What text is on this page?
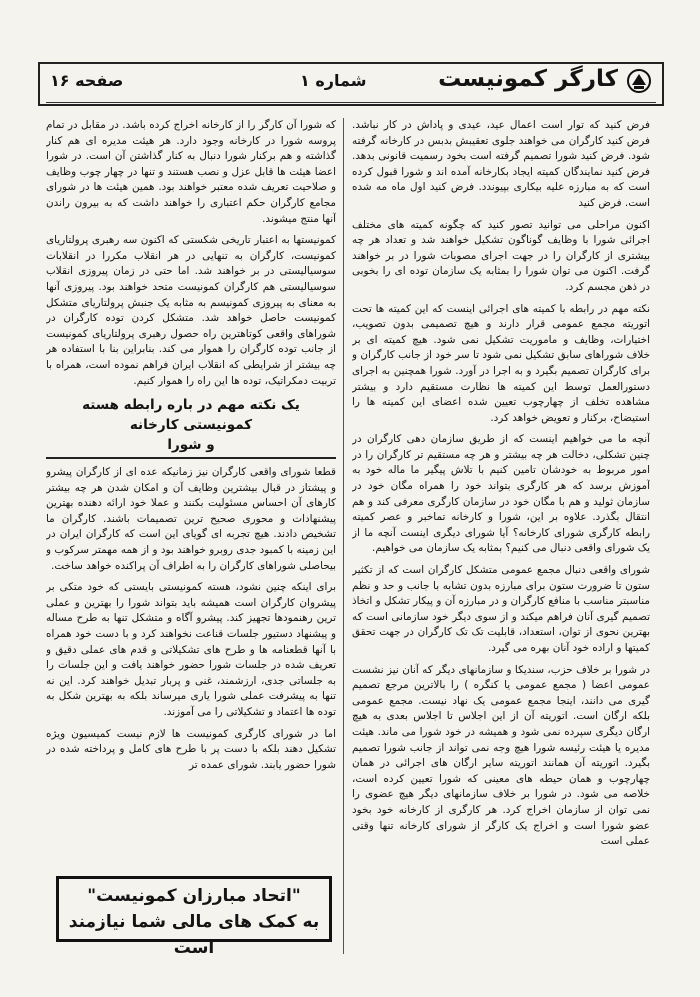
کارگر کمونیست
شماره ۱
صفحه ۱۶

فرض کنید که توار است اعمال عید، عیدی و پاداش در کار نباشد. فرض کنید کارگران می خواهند جلوی تعقیبش بدبس در کارخانه گرفته شود. فرض کنید شورا تصمیم گرفته است بخود رسمیت قانونی بدهد. فرض کنید نمایندگان کمیته ایجاد بکارخانه آمده اند و شورا قبول کرده است که به مبارزه علیه بیکاری بپیوندد. فرض کنید اول ماه مه شده است. فرض کنید

اکنون مراحلی می توانید تصور کنید که چگونه کمیته های مختلف اجرائی شورا با وظایف گوناگون تشکیل خواهند شد و تعداد هر چه بیشتری از کارگران را در جهت اجرای مصوبات شورا در بر خواهند گرفت. اکنون می توان شورا را بمثابه یک سازمان توده ای را بخوبی در ذهن مجسم کرد.

نکته مهم در رابطه با کمیته های اجرائی اینست که این کمیته ها تحت اتوریته مجمع عمومی قرار دارند و هیچ تصمیمی بدون تصویب، اختیارات، وظایف و ماموریت تشکیل نمی شود. هیچ کمیته ای بر خلاف شوراهای سابق تشکیل نمی شود تا سر خود از جانب کارگران و برای کارگران تصمیم بگیرد و به اجرا در آورد. شورا همچنین به اجرای دستورالعمل توسط این کمیته ها نظارت مستقیم دارد و بیشتر مشاهده تخلف از چهارچوب تعیین شده اعضای این کمیته ها را استیضاح، برکنار و تعویض خواهد کرد.

آنچه ما می خواهیم اینست که از طریق سازمان دهی کارگران در چنین تشکلی، دخالت هر چه بیشتر و هر چه مستقیم تر کارگران را در امور مربوط به خودشان تامین کنیم با تلاش پیگیر ما ماله خود به آموزش برسد که هر کارگری بتواند خود را همراه مگان خود در سازمان ثولید و هم با مگان خود در سازمان کارگری معرفی کند و هم انتقال بگذرد. علاوه بر این، شورا و کارخانه تماخبر و عصر کمیته رابطه کارگری شورای کارخانه؟ آیا شورای دیگری اینست آنچه ما از یک شورای واقعی دنبال می کنیم؟ بمثابه یک سازمان می خواهیم.

شورای واقعی دنبال مجمع عمومی متشکل کارگران است که از تکثیر ستون تا ضرورت ستون برای مبارزه بدون تشابه با جانب و حد و نظم مناسبتر مناسب با منافع کارگران و در مبارزه آن و پیکار تشکل و اتخاذ تصمیم گیری آنان فراهم میکند و از سوی دیگر خود سازمانی است که بهترین نحوی از توان، استعداد، قابلیت تک تک کارگران در جهت تحقق کمیتها و اراده خود آنان بهره می گیرد.

در شورا بر خلاف حزب، سندیکا و سازمانهای دیگر که آنان نیز نشست عمومی اعضا ( مجمع عمومی یا کنگره ) را بالاترین مرجع تصمیم گیری می دانند، اینجا مجمع عمومی یک نهاد نیست. مجمع عمومی بلکه ارگان است. اتوریته آن از این اجلاس تا اجلاس بعدی به هیچ ارگان دیگری سپرده نمی شود و همیشه در خود شورا می ماند. هیئت مدیره یا هیئت رئیسه شورا هیچ وجه نمی تواند از جانب شورا تصمیم بگیرد. اتوریته آن همانند اتوریته سایر ارگان های اجرائی در همان چهارچوب و همان حیطه های معینی که شورا تعیین کرده است، خلاصه می شود. در شورا بر خلاف سازمانهای دیگر هیچ عضوی را نمی توان از سازمان اخراج کرد. هر کارگری از کارخانه خود بخود عضو شورا است و اخراج یک کارگر از شورای کارخانه تنها وقتی عملی است

که شورا آن کارگر را از کارخانه اخراج کرده باشد. در مقابل در تمام پروسه شورا در کارخانه وجود دارد. هر هیئت مدیره ای هم کنار گذاشته و هم برکنار شورا دنبال به کنار گذاشتن آن است. در شورا اعضا هیئت ها قابل عزل و نصب هستند و تنها در چهار چوب وظایف و صلاحیت تعریف شده معتبر خواهند بود. همین هیئت ها در شورای مجامع کارگران حکم اعتباری را خواهند داشت که به بیرون راندن آنها منتج میشوند.

کمونیستها به اعتبار تاریخی شکستی که اکنون سه رهبری پرولتاریای کمونیست، کارگران به تنهایی در هر انقلاب مکررا در انقلابات سوسیالیستی در بر خواهند شد. اما حتی در زمان پیروزی انقلاب سوسیالیستی هم کارگران کمونیست متحد خواهند بود. پیروزی آنها به معنای به پیروزی کمونیسم به مثابه یک جنبش پرولتاریای متشکل کمونیست حاصل خواهد شد. متشکل کردن توده کارگران در شوراهای واقعی کوتاهترین راه حصول رهبری پرولتاریای کمونیست از جانب توده کارگران را هموار می کند. بنابراین بنا با استفاده هر چه بیشتر از شرایطی که انقلاب ایران فراهم نموده است، همراه با تربیت دمکراتیک، توده ها این راه را هموار کنیم.

یک نکته مهم در باره رابطه هسته کمونیستی کارخانه
و شورا

قطعا شورای واقعی کارگران نیز زمانیکه عده ای از کارگران پیشرو و پیشتاز در قبال بیشترین وظایف آن و امکان شدن هر چه بیشتر کارهای آن احساس مسئولیت بکنند و عملا خود ارائه دهنده بهترین پیشنهادات و محوری صحیح ترین تصمیمات باشند. کارگران ما تشخیص دادند. هیچ تجربه ای گویای این است که کارگران ایران در این زمینه با کمبود جدی روبرو خواهند بود و از همه مهمتر سرکوب و بیحاصلی شوراهای کارگران را به اطراف آن پراکنده خواهد ساخت.

برای اینکه چنین نشود، هسته کمونیستی بایستی که خود متکی بر پیشروان کارگران است همیشه باید بتواند شورا را بهترین و عملی ترین رهنمودها تجهیز کند. پیشرو آگاه و متشکل تنها به طرح مساله و پیشنهاد دستیور جلسات قناعت نخواهند کرد و با دست خود همراه با آنها قطعنامه ها و طرح های تشکیلاتی و قدم های عملی دقیق و تعریف شده در جلسات شورا حضور خواهند یافت و این جلسات را به جلساتی جدی، ارزشمند، غنی و پربار تبدیل خواهند کرد. این نه تنها به پیشرفت عملی شورا یاری میرساند بلکه به بهترین شکل به توده ها اعتماد و تشکیلاتی را می آموزند.

اما در شورای کارگری کمونیست ها لازم نیست کمیسیون ویژه تشکیل دهند بلکه با دست پر با طرح های کامل و پرداخته شده در شورا حضور یابند. شورای عمده تر

"اتحاد مبارزان کمونیست"
به کمک های مالی شما نیازمند است
